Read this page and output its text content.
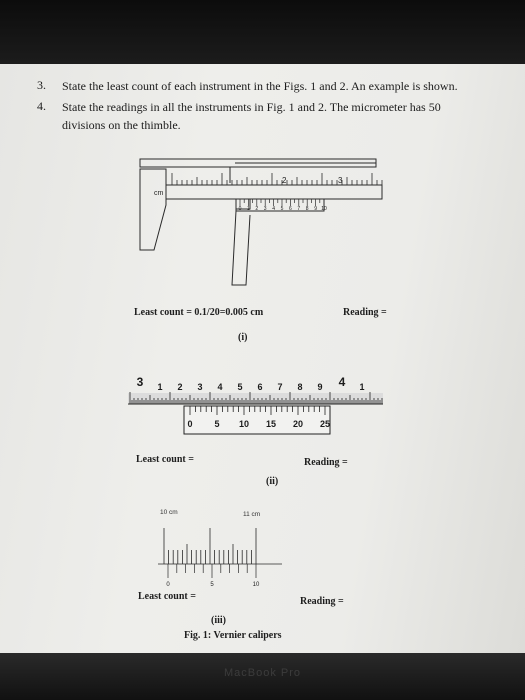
3. State the least count of each instrument in the Figs. 1 and 2. An example is shown.
4. State the readings in all the instruments in Fig. 1 and 2. The micrometer has 50
divisions on the thimble.
cm
2	3
0 1 2 3 4 5 6 7 8 9 10
Least count = 0.1/20=0.005 cm	Reading =
(i)
3 1 2 3 4 5 6 7 8 9 4 1
0 5 10 15 20 25
Least count =	Reading =
(ii)
10 cm	11 cm
0	5	10
Least count =	Reading =
(iii)
Fig. 1: Vernier calipers
MacBook Pro
